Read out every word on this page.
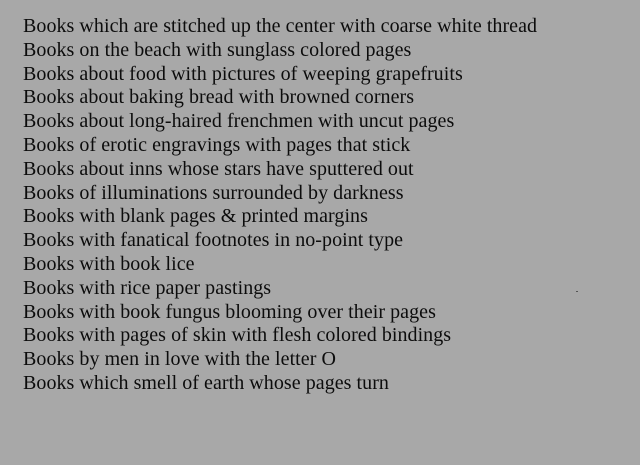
Books which are stitched up the center with coarse white thread
Books on the beach with sunglass colored pages
Books about food with pictures of weeping grapefruits
Books about baking bread with browned corners
Books about long-haired frenchmen with uncut pages
Books of erotic engravings with pages that stick
Books about inns whose stars have sputtered out
Books of illuminations surrounded by darkness
Books with blank pages & printed margins
Books with fanatical footnotes in no-point type
Books with book lice
Books with rice paper pastings
Books with book fungus blooming over their pages
Books with pages of skin with flesh colored bindings
Books by men in love with the letter O
Books which smell of earth whose pages turn
